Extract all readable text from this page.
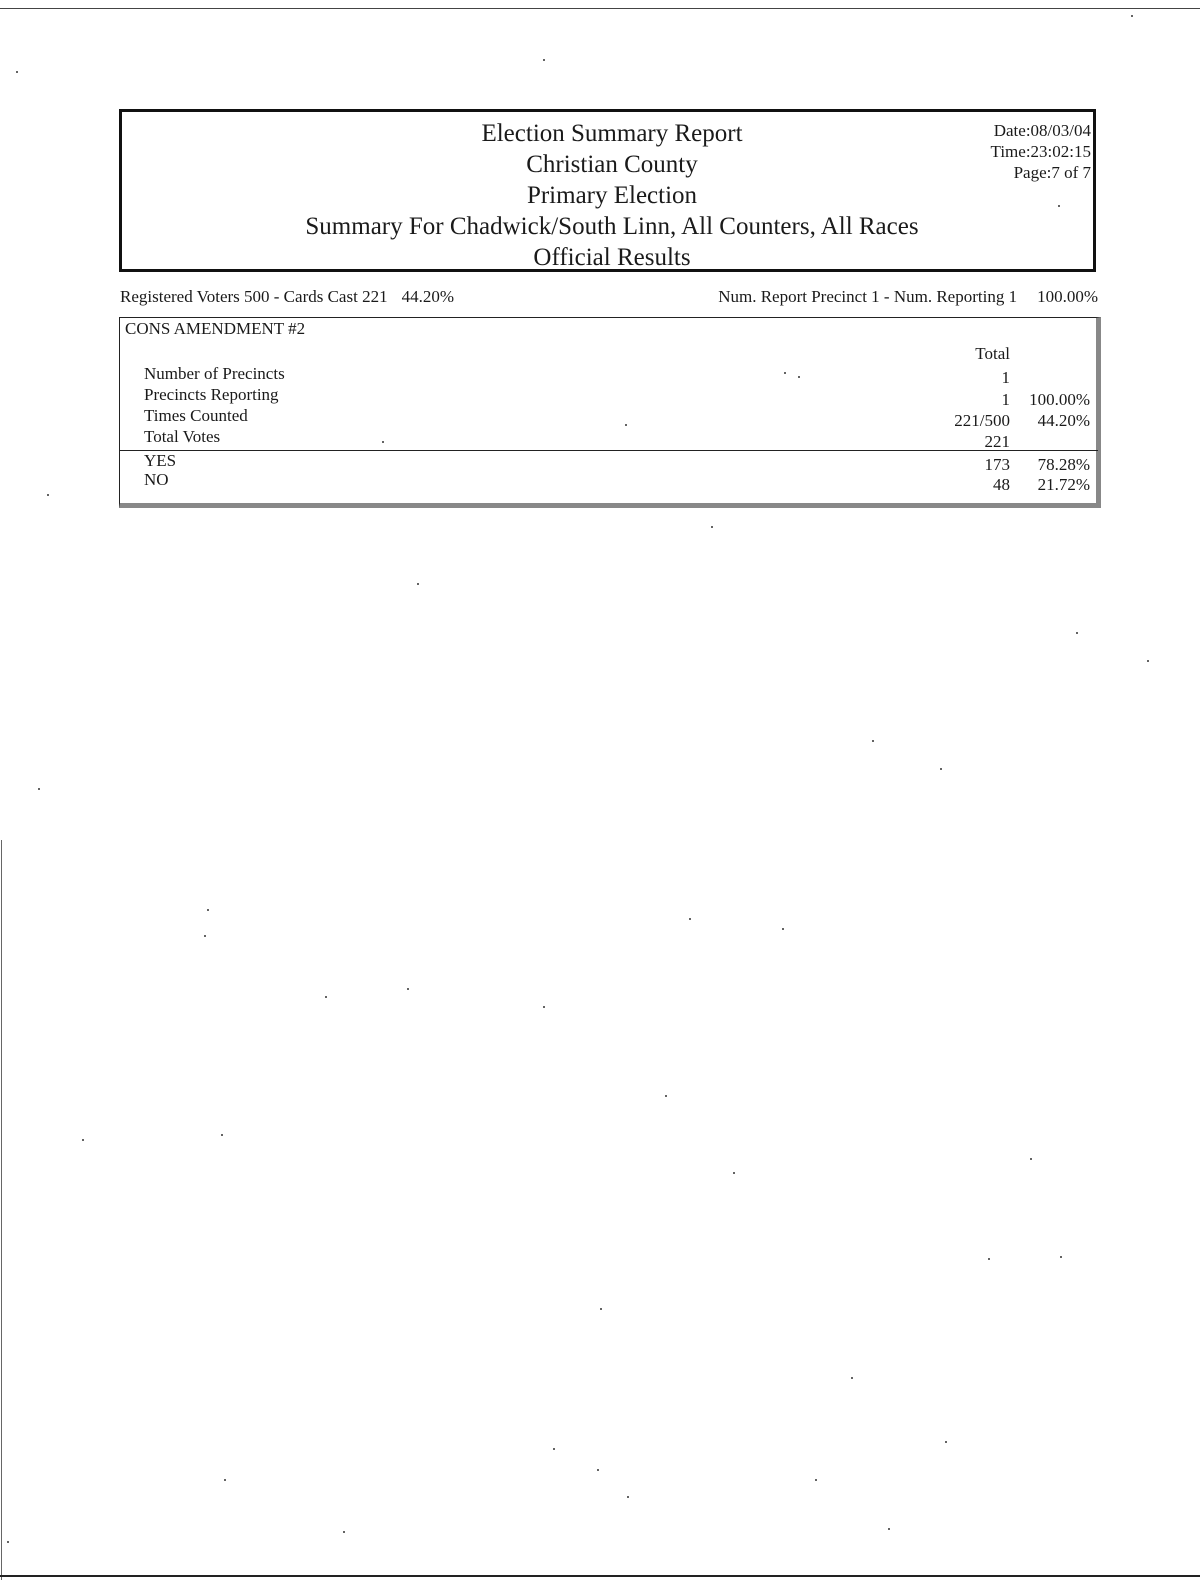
Election Summary Report
Christian County
Primary Election
Summary For Chadwick/South Linn, All Counters, All Races
Official Results
Date:08/03/04
Time:23:02:15
Page:7 of 7
Registered Voters 500 - Cards Cast 221 44.20%	Num. Report Precinct 1 - Num. Reporting 1 100.00%
CONS AMENDMENT #2
Total
Number of Precincts	1
Precincts Reporting	1 100.00%
Times Counted	221/500 44.20%
Total Votes	221
YES	173 78.28%
NO	48 21.72%
